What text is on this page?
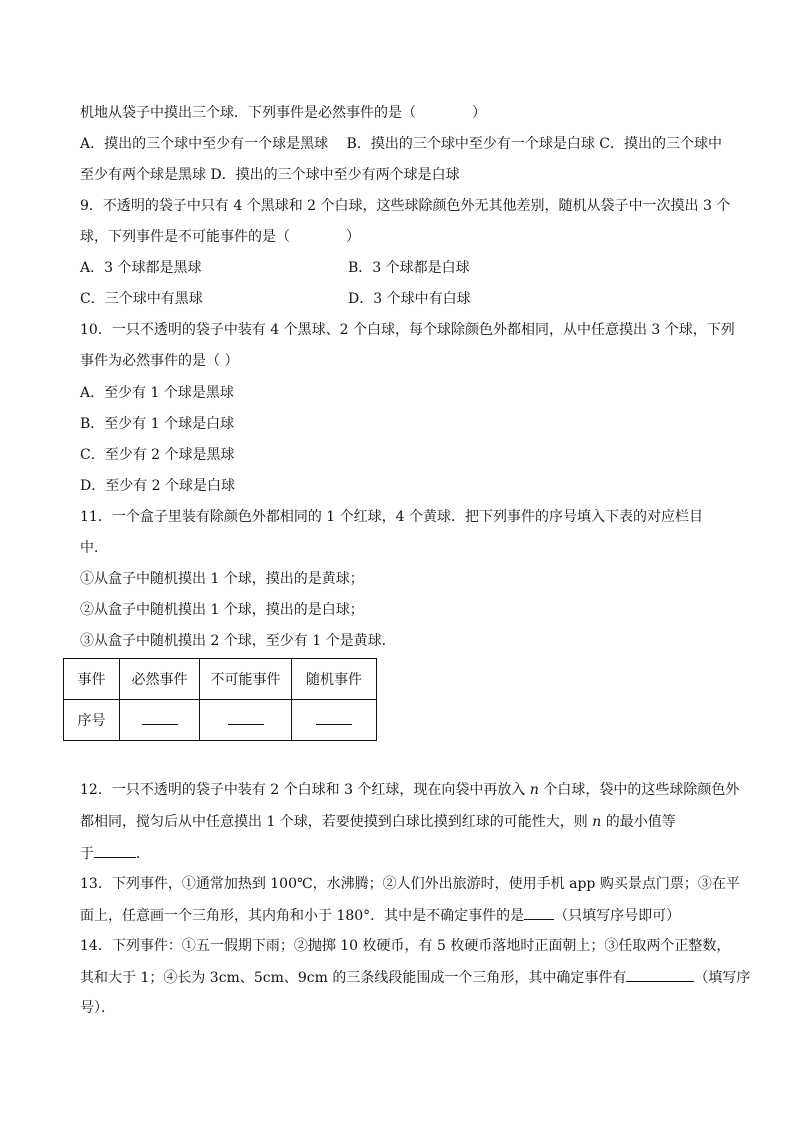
机地从袋子中摸出三个球．下列事件是必然事件的是（　　　　）
A．摸出的三个球中至少有一个球是黑球　 B．摸出的三个球中至少有一个球是白球 C．摸出的三个球中
至少有两个球是黑球 D．摸出的三个球中至少有两个球是白球
9．不透明的袋子中只有 4 个黑球和 2 个白球，这些球除颜色外无其他差别，随机从袋子中一次摸出 3 个
球，下列事件是不可能事件的是（　　　　）
A．3 个球都是黑球	B．3 个球都是白球
C．三个球中有黑球	D．3 个球中有白球
10．一只不透明的袋子中装有 4 个黑球、2 个白球，每个球除颜色外都相同，从中任意摸出 3 个球，下列
事件为必然事件的是（ ）
A．至少有 1 个球是黑球
B．至少有 1 个球是白球
C．至少有 2 个球是黑球
D．至少有 2 个球是白球
11．一个盒子里装有除颜色外都相同的 1 个红球，4 个黄球．把下列事件的序号填入下表的对应栏目
中．
①从盒子中随机摸出 1 个球，摸出的是黄球；
②从盒子中随机摸出 1 个球，摸出的是白球；
③从盒子中随机摸出 2 个球，至少有 1 个是黄球．
事件	必然事件	不可能事件	随机事件
序号			
12．一只不透明的袋子中装有 2 个白球和 3 个红球，现在向袋中再放入 n 个白球，袋中的这些球除颜色外
都相同，搅匀后从中任意摸出 1 个球，若要使摸到白球比摸到红球的可能性大，则 n 的最小值等
于	．
13．下列事件，①通常加热到 100℃，水沸腾；②人们外出旅游时，使用手机 app 购买景点门票；③在平
面上，任意画一个三角形，其内角和小于 180°．其中是不确定事件的是 （只填写序号即可）
14．下列事件：①五一假期下雨；②抛掷 10 枚硬币，有 5 枚硬币落地时正面朝上；③任取两个正整数，
其和大于 1；④长为 3cm、5cm、9cm 的三条线段能围成一个三角形，其中确定事件有	（填写序
号）．
